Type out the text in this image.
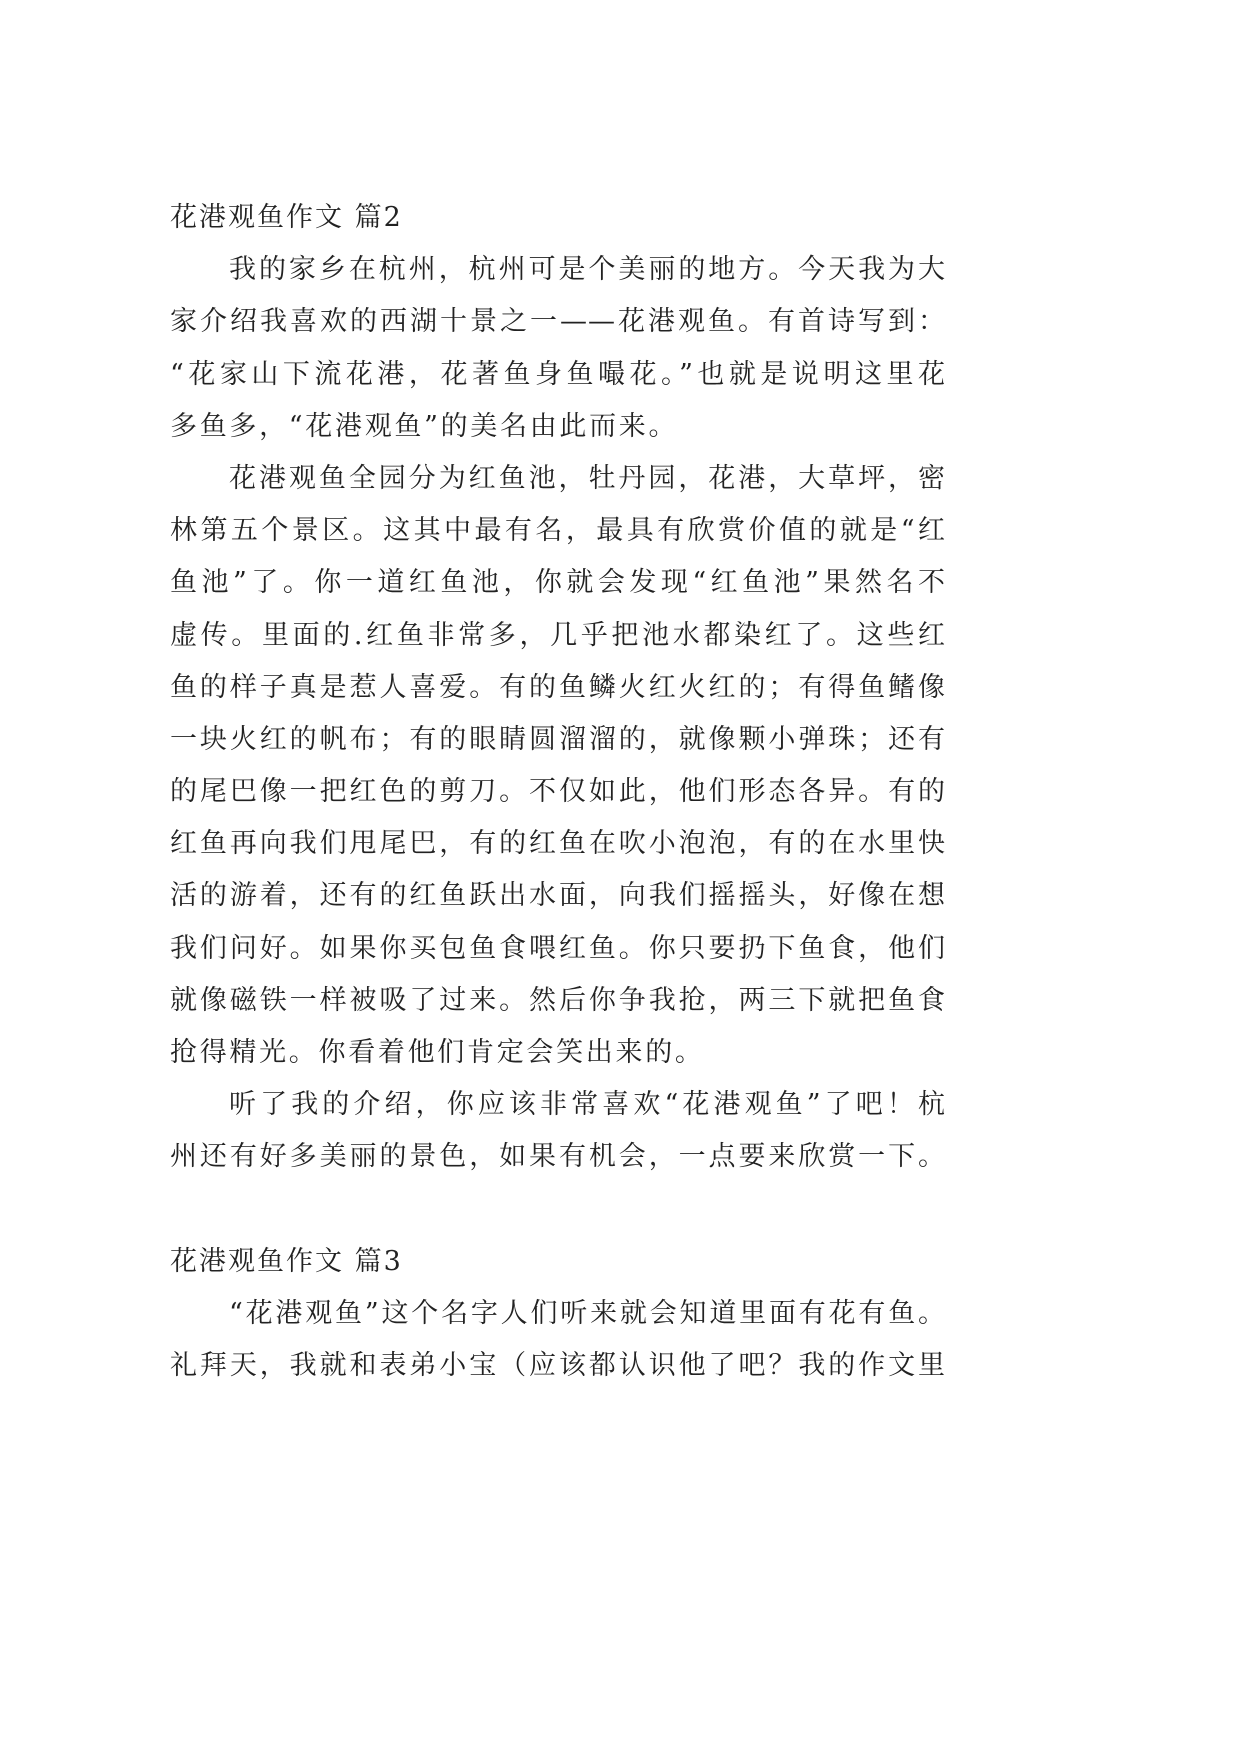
花港观鱼作文 篇2
我的家乡在杭州，杭州可是个美丽的地方。今天我为大
家介绍我喜欢的西湖十景之一——花港观鱼。有首诗写到：
“花家山下流花港，花著鱼身鱼嘬花。”也就是说明这里花
多鱼多，“花港观鱼”的美名由此而来。
花港观鱼全园分为红鱼池，牡丹园，花港，大草坪，密
林第五个景区。这其中最有名，最具有欣赏价值的就是“红
鱼池”了。你一道红鱼池，你就会发现“红鱼池”果然名不
虚传。里面的.红鱼非常多，几乎把池水都染红了。这些红
鱼的样子真是惹人喜爱。有的鱼鳞火红火红的；有得鱼鳍像
一块火红的帆布；有的眼睛圆溜溜的，就像颗小弹珠；还有
的尾巴像一把红色的剪刀。不仅如此，他们形态各异。有的
红鱼再向我们甩尾巴，有的红鱼在吹小泡泡，有的在水里快
活的游着，还有的红鱼跃出水面，向我们摇摇头，好像在想
我们问好。如果你买包鱼食喂红鱼。你只要扔下鱼食，他们
就像磁铁一样被吸了过来。然后你争我抢，两三下就把鱼食
抢得精光。你看着他们肯定会笑出来的。
听了我的介绍，你应该非常喜欢“花港观鱼”了吧！杭
州还有好多美丽的景色，如果有机会，一点要来欣赏一下。
花港观鱼作文 篇3
“花港观鱼”这个名字人们听来就会知道里面有花有鱼。
礼拜天，我就和表弟小宝（应该都认识他了吧？我的作文里
